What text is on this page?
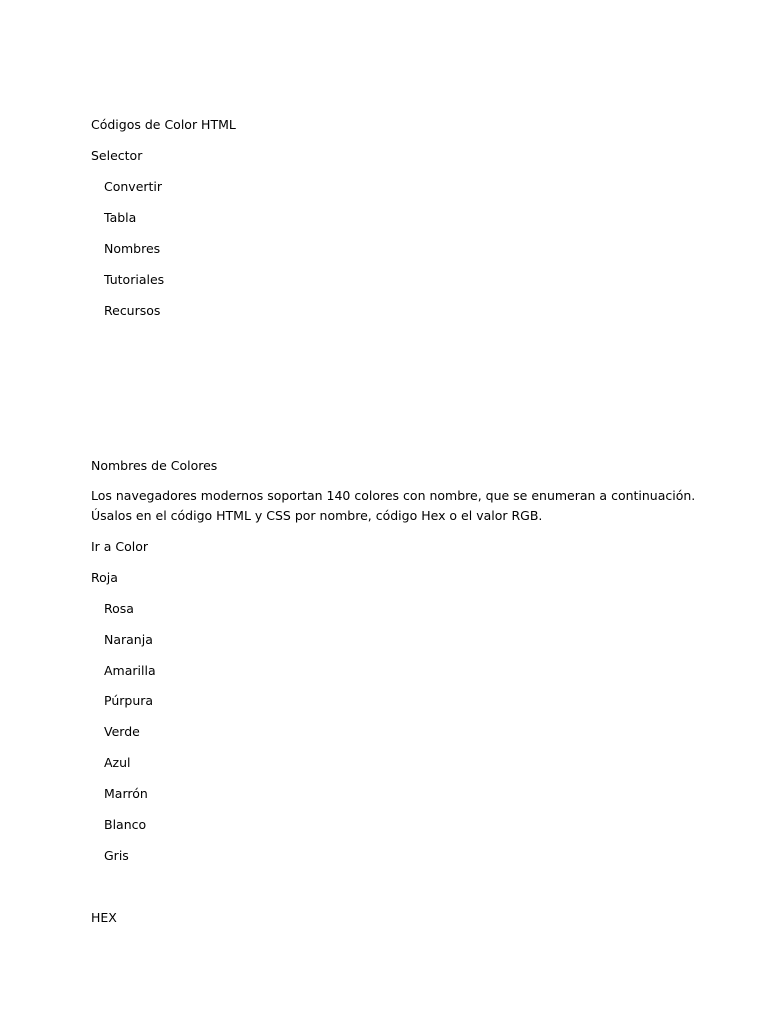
Códigos de Color HTML
Selector
Convertir
Tabla
Nombres
Tutoriales
Recursos
Nombres de Colores
Los navegadores modernos soportan 140 colores con nombre, que se enumeran a continuación.
Úsalos en el código HTML y CSS por nombre, código Hex o el valor RGB.
Ir a Color
Roja
Rosa
Naranja
Amarilla
Púrpura
Verde
Azul
Marrón
Blanco
Gris
HEX
